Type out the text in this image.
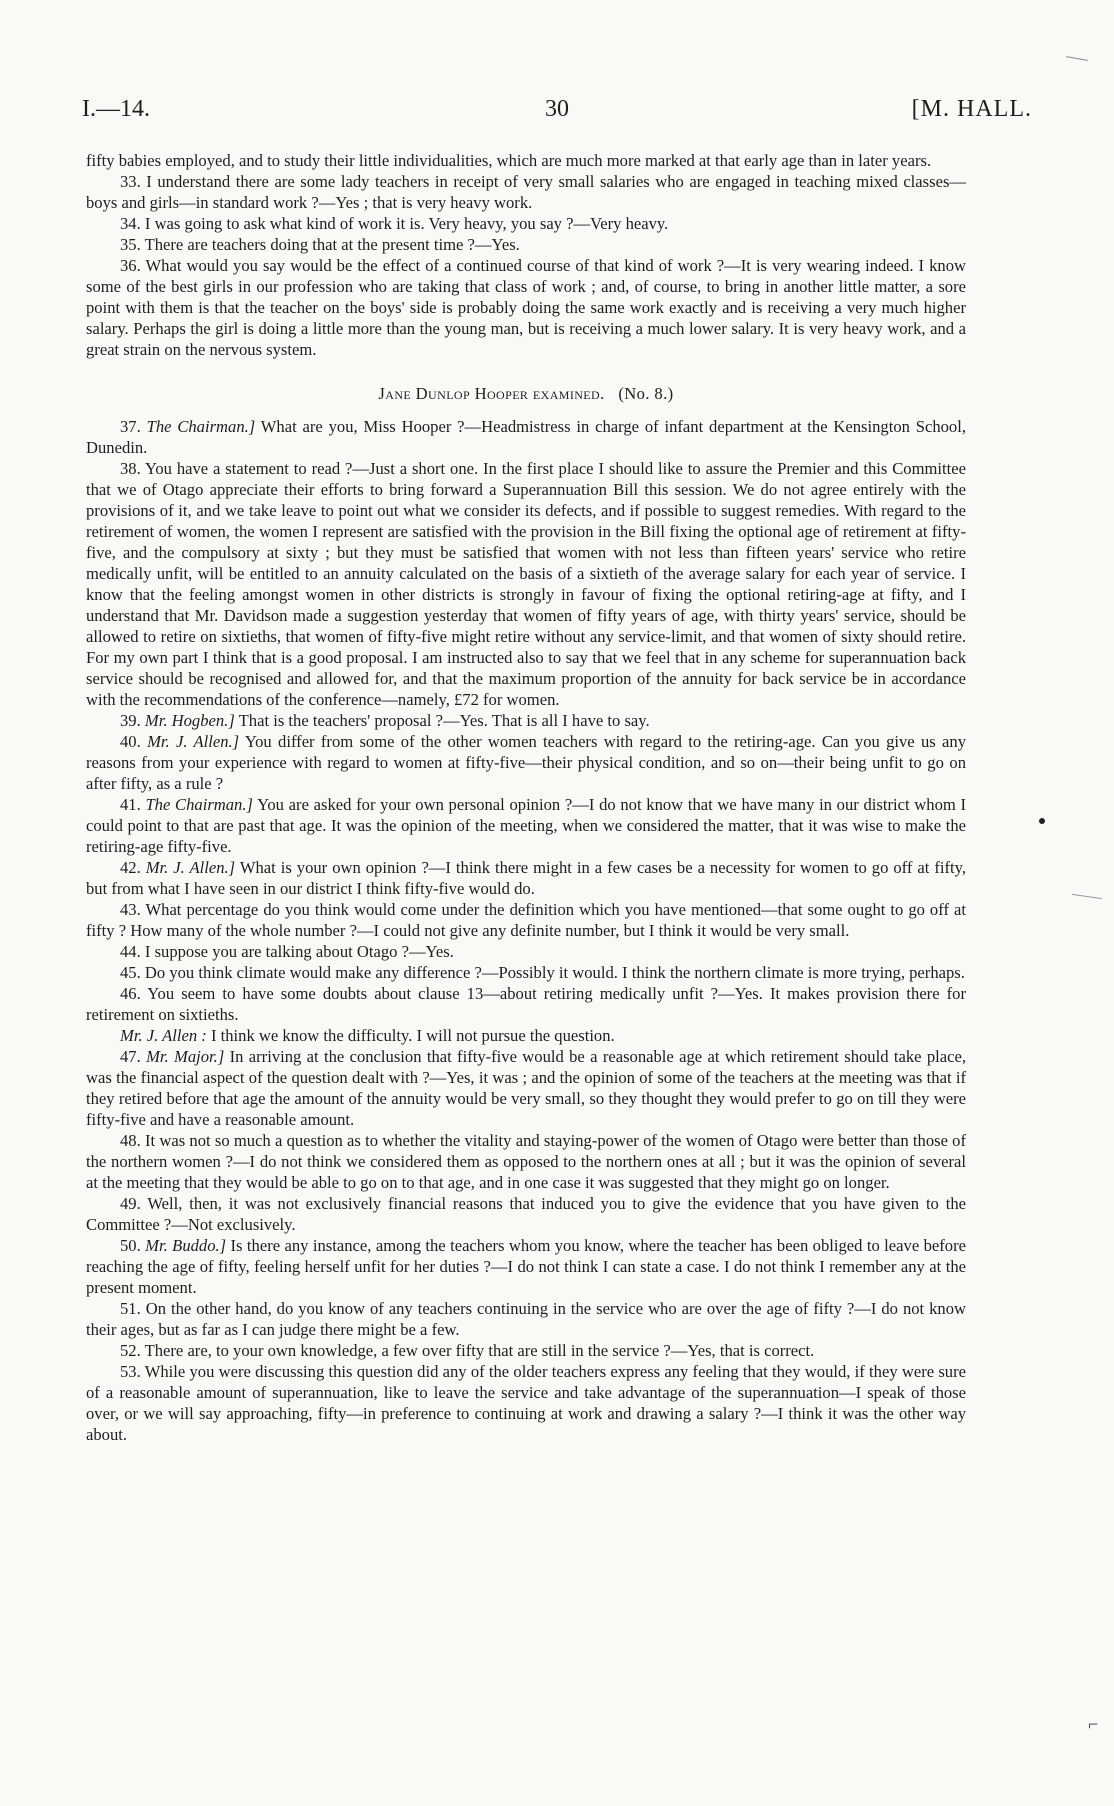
⌐
I.—14.	30	[M. HALL.

fifty babies employed, and to study their little individualities, which are much more marked at that early age than in later years.

33. I understand there are some lady teachers in receipt of very small salaries who are engaged in teaching mixed classes—boys and girls—in standard work ?—Yes ; that is very heavy work.

34. I was going to ask what kind of work it is. Very heavy, you say ?—Very heavy.

35. There are teachers doing that at the present time ?—Yes.

36. What would you say would be the effect of a continued course of that kind of work ?—It is very wearing indeed. I know some of the best girls in our profession who are taking that class of work ; and, of course, to bring in another little matter, a sore point with them is that the teacher on the boys' side is probably doing the same work exactly and is receiving a very much higher salary. Perhaps the girl is doing a little more than the young man, but is receiving a much lower salary. It is very heavy work, and a great strain on the nervous system.

Jane Dunlop Hooper examined. (No. 8.)

37. The Chairman.] What are you, Miss Hooper ?—Headmistress in charge of infant department at the Kensington School, Dunedin.

38. You have a statement to read ?—Just a short one. In the first place I should like to assure the Premier and this Committee that we of Otago appreciate their efforts to bring forward a Superannuation Bill this session. We do not agree entirely with the provisions of it, and we take leave to point out what we consider its defects, and if possible to suggest remedies. With regard to the retirement of women, the women I represent are satisfied with the provision in the Bill fixing the optional age of retirement at fifty-five, and the compulsory at sixty ; but they must be satisfied that women with not less than fifteen years' service who retire medically unfit, will be entitled to an annuity calculated on the basis of a sixtieth of the average salary for each year of service. I know that the feeling amongst women in other districts is strongly in favour of fixing the optional retiring-age at fifty, and I understand that Mr. Davidson made a suggestion yesterday that women of fifty years of age, with thirty years' service, should be allowed to retire on sixtieths, that women of fifty-five might retire without any service-limit, and that women of sixty should retire. For my own part I think that is a good proposal. I am instructed also to say that we feel that in any scheme for superannuation back service should be recognised and allowed for, and that the maximum proportion of the annuity for back service be in accordance with the recommendations of the conference—namely, £72 for women.

39. Mr. Hogben.] That is the teachers' proposal ?—Yes. That is all I have to say.

40. Mr. J. Allen.] You differ from some of the other women teachers with regard to the retiring-age. Can you give us any reasons from your experience with regard to women at fifty-five—their physical condition, and so on—their being unfit to go on after fifty, as a rule ?

41. The Chairman.] You are asked for your own personal opinion ?—I do not know that we have many in our district whom I could point to that are past that age. It was the opinion of the meeting, when we considered the matter, that it was wise to make the retiring-age fifty-five.

42. Mr. J. Allen.] What is your own opinion ?—I think there might in a few cases be a necessity for women to go off at fifty, but from what I have seen in our district I think fifty-five would do.

43. What percentage do you think would come under the definition which you have mentioned—that some ought to go off at fifty ? How many of the whole number ?—I could not give any definite number, but I think it would be very small.

44. I suppose you are talking about Otago ?—Yes.

45. Do you think climate would make any difference ?—Possibly it would. I think the northern climate is more trying, perhaps.

46. You seem to have some doubts about clause 13—about retiring medically unfit ?—Yes. It makes provision there for retirement on sixtieths.

Mr. J. Allen : I think we know the difficulty. I will not pursue the question.

47. Mr. Major.] In arriving at the conclusion that fifty-five would be a reasonable age at which retirement should take place, was the financial aspect of the question dealt with ?—Yes, it was ; and the opinion of some of the teachers at the meeting was that if they retired before that age the amount of the annuity would be very small, so they thought they would prefer to go on till they were fifty-five and have a reasonable amount.

48. It was not so much a question as to whether the vitality and staying-power of the women of Otago were better than those of the northern women ?—I do not think we considered them as opposed to the northern ones at all ; but it was the opinion of several at the meeting that they would be able to go on to that age, and in one case it was suggested that they might go on longer.

49. Well, then, it was not exclusively financial reasons that induced you to give the evidence that you have given to the Committee ?—Not exclusively.

50. Mr. Buddo.] Is there any instance, among the teachers whom you know, where the teacher has been obliged to leave before reaching the age of fifty, feeling herself unfit for her duties ?—I do not think I can state a case. I do not think I remember any at the present moment.

51. On the other hand, do you know of any teachers continuing in the service who are over the age of fifty ?—I do not know their ages, but as far as I can judge there might be a few.

52. There are, to your own knowledge, a few over fifty that are still in the service ?—Yes, that is correct.

53. While you were discussing this question did any of the older teachers express any feeling that they would, if they were sure of a reasonable amount of superannuation, like to leave the service and take advantage of the superannuation—I speak of those over, or we will say approaching, fifty—in preference to continuing at work and drawing a salary ?—I think it was the other way about.
